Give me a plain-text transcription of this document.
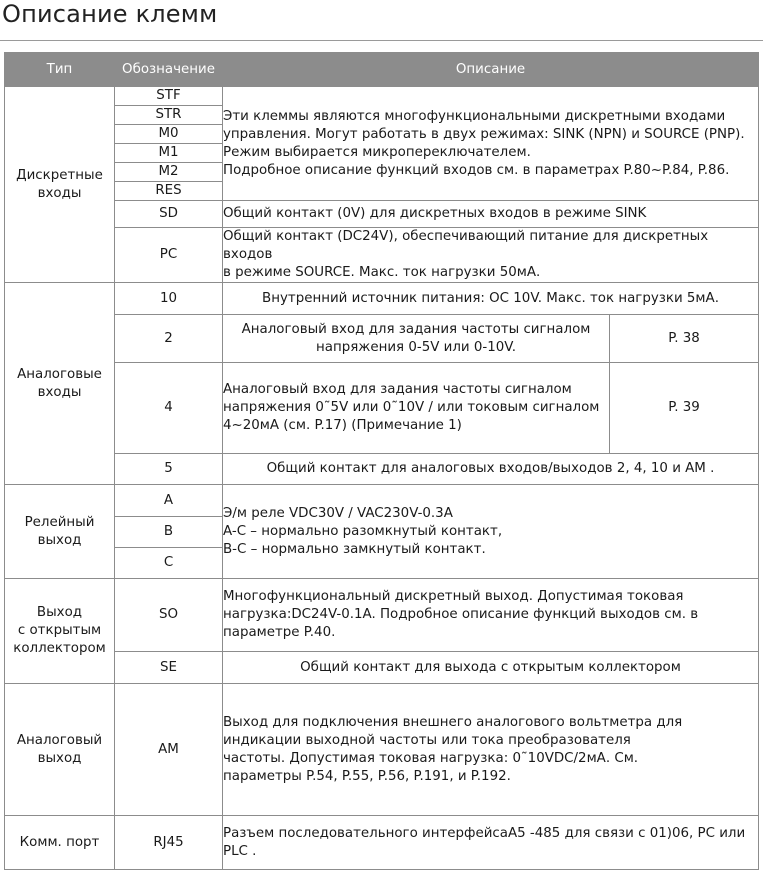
Описание клемм
Тип	Обозначение	Описание	
Дискретные
входы	STF	Эти клеммы являются многофункциональными дискретными входами
управления. Могут работать в двух режимах: SINK (NPN) и SOURCE (PNP).
Режим выбирается микропереключателем.
Подробное описание функций входов см. в параметрах P.80~P.84, P.86.	
	STR		
	M0		
	M1		
	M2		
	RES		
	SD	Общий контакт (0V) для дискретных входов в режиме SINK	
	PC	Общий контакт (DC24V), обеспечивающий питание для дискретных входов
в режиме SOURCE. Макс. ток нагрузки 50мА.	
Аналоговые
входы	10	Внутренний источник питания: OC 10V. Макс. ток нагрузки 5мА.	
	2	Аналоговый вход для задания частоты сигналом
напряжения 0-5V или 0-10V.	P. 38
	4	Аналоговый вход для задания частоты сигналом
напряжения 0˜5V или 0˜10V / или токовым сигналом
4~20мА (см. P.17) (Примечание 1)	P. 39
	5	Общий контакт для аналоговых входов/выходов 2, 4, 10 и AM .	
Релейный
выход	A	Э/м реле VDC30V / VAC230V-0.3A
A-C – нормально разомкнутый контакт,
B-C – нормально замкнутый контакт.	
	B		
	C		
Выход
с открытым
коллектором	SO	Многофункциональный дискретный выход. Допустимая токовая
нагрузка:DC24V-0.1A. Подробное описание функций выходов см. в
параметре P.40.	
	SE	Общий контакт для выхода с открытым коллектором	
Аналоговый
выход	AM	Выход для подключения внешнего аналогового вольтметра для
индикации выходной частоты или тока преобразователя
частоты. Допустимая токовая нагрузка: 0˜10VDC/2мА. См.
параметры P.54, P.55, P.56, P.191, и P.192.	
Комм. порт	RJ45	Разъем последовательного интерфейсаA5 -485 для связи с 01)06, PC или
PLC .	
